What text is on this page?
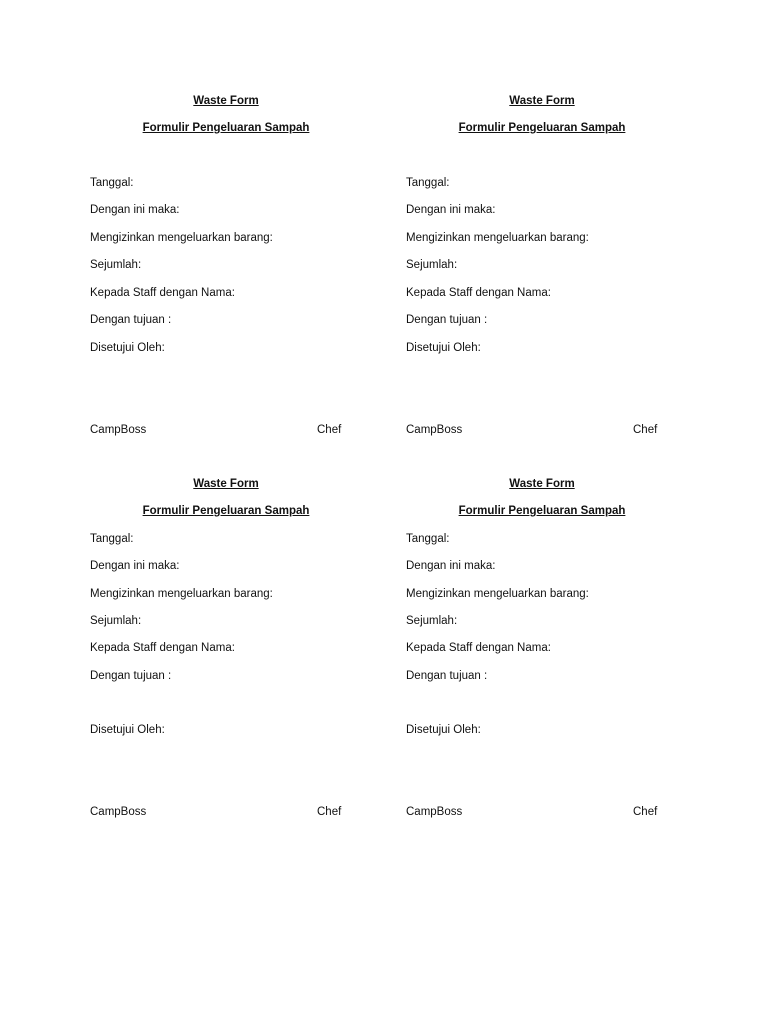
Waste Form
Formulir Pengeluaran Sampah
Tanggal:
Dengan ini maka:
Mengizinkan mengeluarkan barang:
Sejumlah:
Kepada Staff dengan Nama:
Dengan tujuan :
Disetujui Oleh:
CampBoss	Chef
Waste Form
Formulir Pengeluaran Sampah
Tanggal:
Dengan ini maka:
Mengizinkan mengeluarkan barang:
Sejumlah:
Kepada Staff dengan Nama:
Dengan tujuan :
Disetujui Oleh:
CampBoss	Chef
Waste Form
Formulir Pengeluaran Sampah
Tanggal:
Dengan ini maka:
Mengizinkan mengeluarkan barang:
Sejumlah:
Kepada Staff dengan Nama:
Dengan tujuan :
Disetujui Oleh:
CampBoss	Chef
Waste Form
Formulir Pengeluaran Sampah
Tanggal:
Dengan ini maka:
Mengizinkan mengeluarkan barang:
Sejumlah:
Kepada Staff dengan Nama:
Dengan tujuan :
Disetujui Oleh:
CampBoss	Chef
